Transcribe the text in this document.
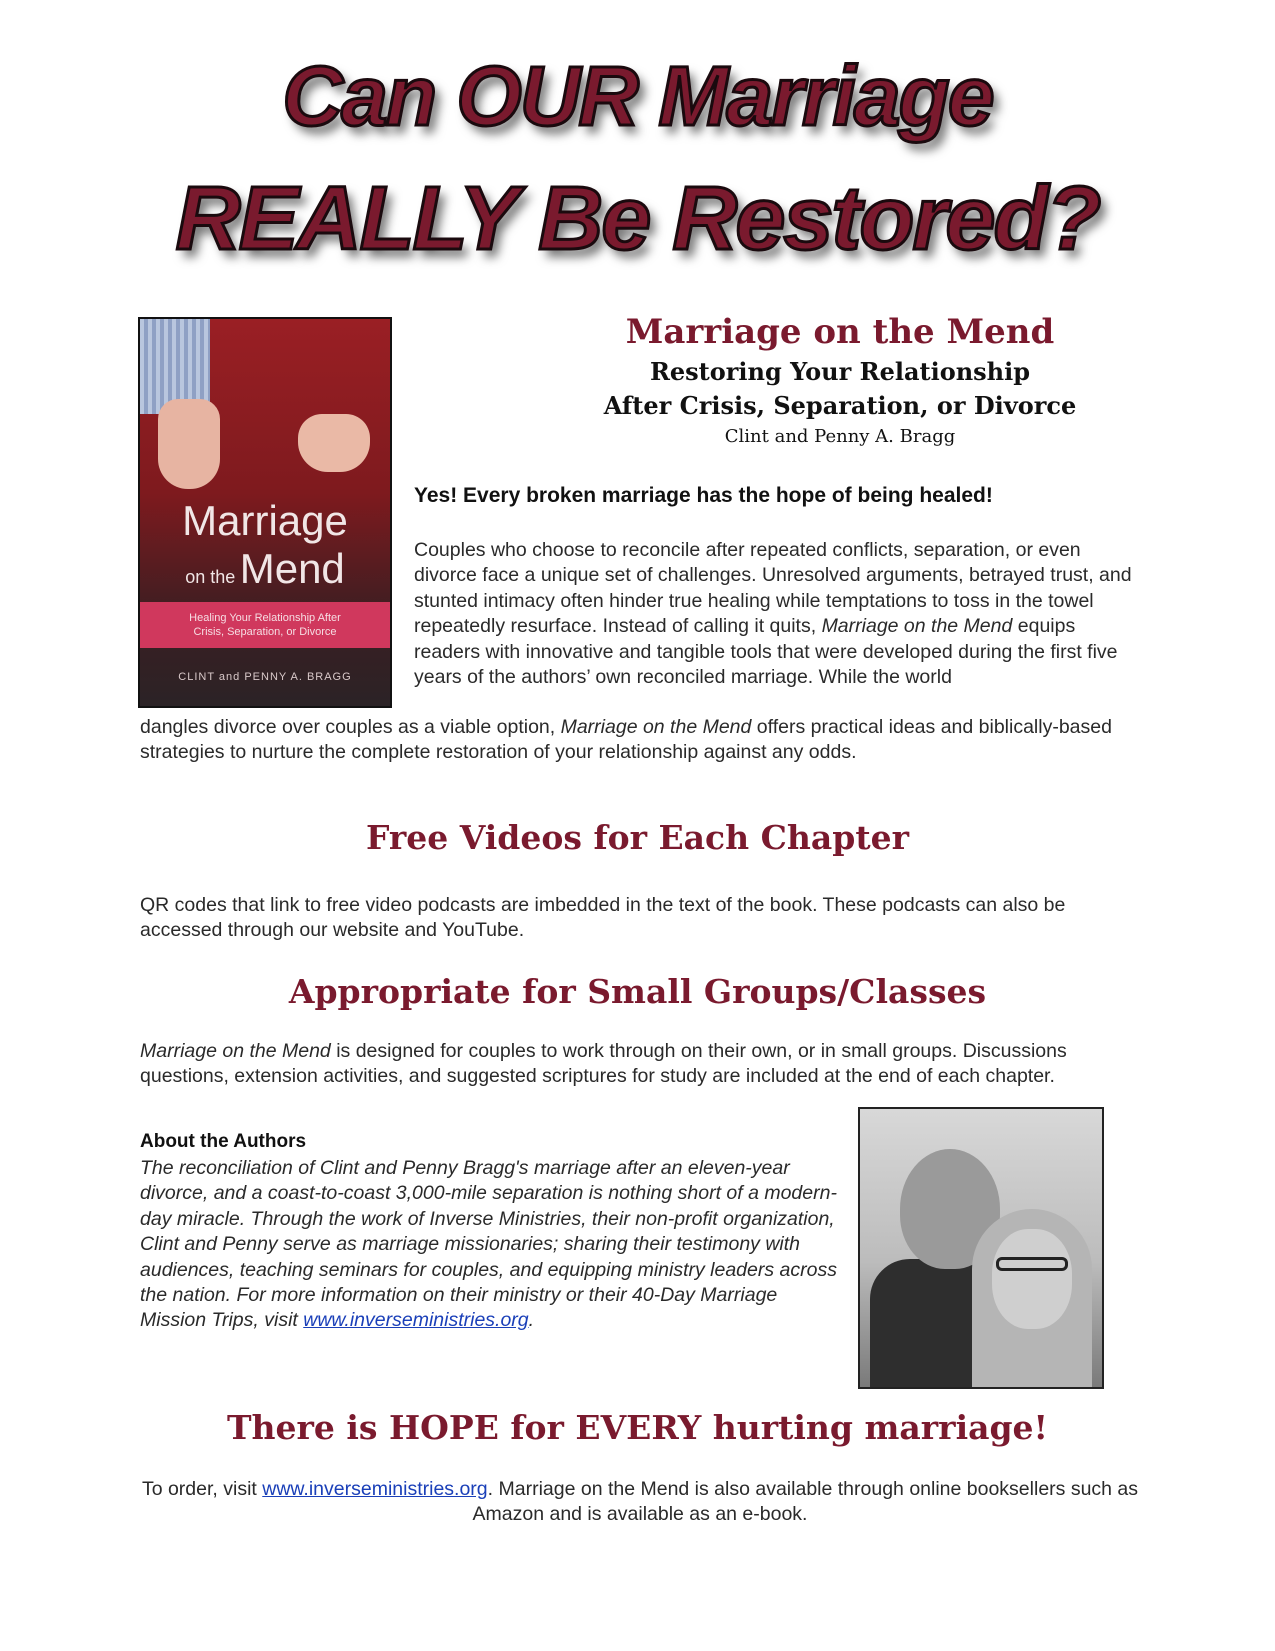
Can OUR Marriage
REALLY Be Restored?
Marriage
on the Mend
Healing Your Relationship After
Crisis, Separation, or Divorce
CLINT and PENNY A. BRAGG
Marriage on the Mend
Restoring Your Relationship
After Crisis, Separation, or Divorce
Clint and Penny A. Bragg
Yes! Every broken marriage has the hope of being healed!
Couples who choose to reconcile after repeated conflicts, separation, or even divorce face a unique set of challenges. Unresolved arguments, betrayed trust, and stunted intimacy often hinder true healing while temptations to toss in the towel repeatedly resurface. Instead of calling it quits, Marriage on the Mend equips readers with innovative and tangible tools that were developed during the first five years of the authors’ own reconciled marriage. While the world
dangles divorce over couples as a viable option, Marriage on the Mend offers practical ideas and biblically-based strategies to nurture the complete restoration of your relationship against any odds.
Free Videos for Each Chapter
QR codes that link to free video podcasts are imbedded in the text of the book. These podcasts can also be accessed through our website and YouTube.
Appropriate for Small Groups/Classes
Marriage on the Mend is designed for couples to work through on their own, or in small groups. Discussions questions, extension activities, and suggested scriptures for study are included at the end of each chapter.
About the Authors
The reconciliation of Clint and Penny Bragg's marriage after an eleven-year divorce, and a coast-to-coast 3,000-mile separation is nothing short of a modern-day miracle. Through the work of Inverse Ministries, their non-profit organization, Clint and Penny serve as marriage missionaries; sharing their testimony with audiences, teaching seminars for couples, and equipping ministry leaders across the nation. For more information on their ministry or their 40-Day Marriage Mission Trips, visit www.inverseministries.org.
There is HOPE for EVERY hurting marriage!
To order, visit www.inverseministries.org. Marriage on the Mend is also available through online booksellers such as Amazon and is available as an e-book.
